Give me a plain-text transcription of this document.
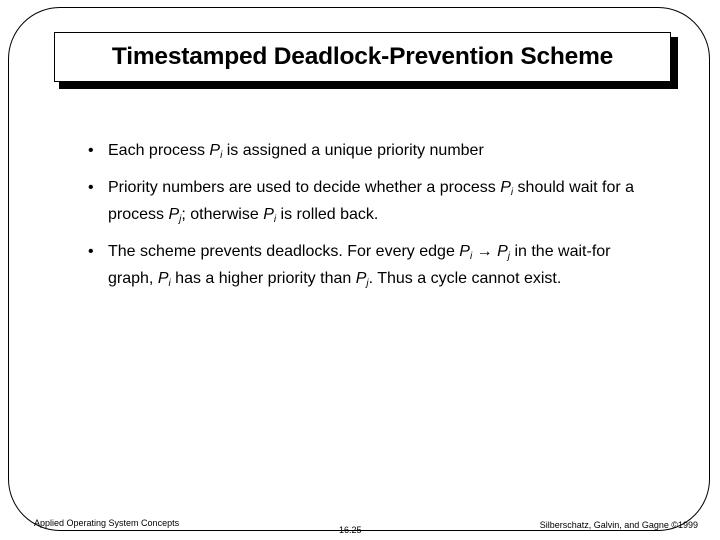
Timestamped Deadlock-Prevention Scheme
• Each process $P_i$ is assigned a unique priority number
• Priority numbers are used to decide whether a process $P_i$ should wait for a process $P_j$; otherwise $P_i$ is rolled back.
• The scheme prevents deadlocks. For every edge $P_i \to P_j$ in the wait-for graph, $P_i$ has a higher priority than $P_j$. Thus a cycle cannot exist.
Applied Operating System Concepts
16.25	Silberschatz, Galvin, and Gagne ©1999
